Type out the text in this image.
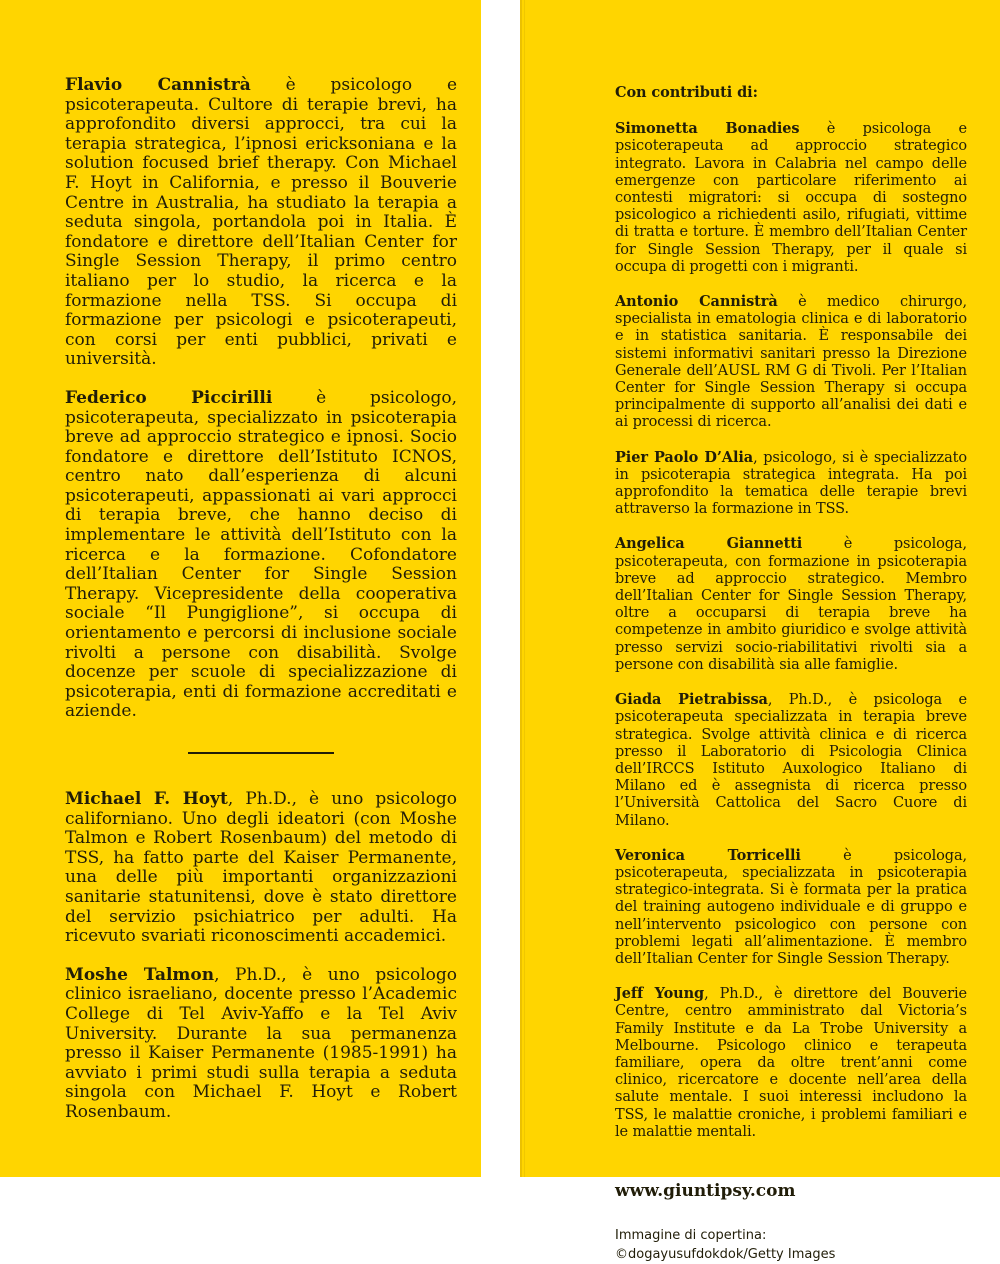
Flavio Cannistrà è psicologo e psicoterapeuta. Cultore di terapie brevi, ha approfondito diversi approcci, tra cui la terapia strategica, l’ipnosi ericksoniana e la solution focused brief therapy. Con Michael F. Hoyt in California, e presso il Bouverie Centre in Australia, ha studiato la terapia a seduta singola, portandola poi in Italia. È fondatore e direttore dell’Italian Center for Single Session Therapy, il primo centro italiano per lo studio, la ricerca e la formazione nella TSS. Si occupa di formazione per psicologi e psicoterapeuti, con corsi per enti pubblici, privati e università.

Federico Piccirilli è psicologo, psicoterapeuta, specializzato in psicoterapia breve ad approccio strategico e ipnosi. Socio fondatore e direttore dell’Istituto ICNOS, centro nato dall’esperienza di alcuni psicoterapeuti, appassionati ai vari approcci di terapia breve, che hanno deciso di implementare le attività dell’Istituto con la ricerca e la formazione. Cofondatore dell’Italian Center for Single Session Therapy. Vicepresidente della cooperativa sociale “Il Pungiglione”, si occupa di orientamento e percorsi di inclusione sociale rivolti a persone con disabilità. Svolge docenze per scuole di specializzazione di psicoterapia, enti di formazione accreditati e aziende.

Michael F. Hoyt, Ph.D., è uno psicologo californiano. Uno degli ideatori (con Moshe Talmon e Robert Rosenbaum) del metodo di TSS, ha fatto parte del Kaiser Permanente, una delle più importanti organizzazioni sanitarie statunitensi, dove è stato direttore del servizio psichiatrico per adulti. Ha ricevuto svariati riconoscimenti accademici.

Moshe Talmon, Ph.D., è uno psicologo clinico israeliano, docente presso l’Academic College di Tel Aviv-Yaffo e la Tel Aviv University. Durante la sua permanenza presso il Kaiser Permanente (1985-1991) ha avviato i primi studi sulla terapia a seduta singola con Michael F. Hoyt e Robert Rosenbaum.

Con contributi di:

Simonetta Bonadies è psicologa e psicoterapeuta ad approccio strategico integrato. Lavora in Calabria nel campo delle emergenze con particolare riferimento ai contesti migratori: si occupa di sostegno psicologico a richiedenti asilo, rifugiati, vittime di tratta e torture. È membro dell’Italian Center for Single Session Therapy, per il quale si occupa di progetti con i migranti.

Antonio Cannistrà è medico chirurgo, specialista in ematologia clinica e di laboratorio e in statistica sanitaria. È responsabile dei sistemi informativi sanitari presso la Direzione Generale dell’AUSL RM G di Tivoli. Per l’Italian Center for Single Session Therapy si occupa principalmente di supporto all’analisi dei dati e ai processi di ricerca.

Pier Paolo D’Alia, psicologo, si è specializzato in psicoterapia strategica integrata. Ha poi approfondito la tematica delle terapie brevi attraverso la formazione in TSS.

Angelica Giannetti è psicologa, psicoterapeuta, con formazione in psicoterapia breve ad approccio strategico. Membro dell’Italian Center for Single Session Therapy, oltre a occuparsi di terapia breve ha competenze in ambito giuridico e svolge attività presso servizi socio-riabilitativi rivolti sia a persone con disabilità sia alle famiglie.

Giada Pietrabissa, Ph.D., è psicologa e psicoterapeuta specializzata in terapia breve strategica. Svolge attività clinica e di ricerca presso il Laboratorio di Psicologia Clinica dell’IRCCS Istituto Auxologico Italiano di Milano ed è assegnista di ricerca presso l’Università Cattolica del Sacro Cuore di Milano.

Veronica Torricelli è psicologa, psicoterapeuta, specializzata in psicoterapia strategico-integrata. Si è formata per la pratica del training autogeno individuale e di gruppo e nell’intervento psicologico con persone con problemi legati all’alimentazione. È membro dell’Italian Center for Single Session Therapy.

Jeff Young, Ph.D., è direttore del Bouverie Centre, centro amministrato dal Victoria’s Family Institute e da La Trobe University a Melbourne. Psicologo clinico e terapeuta familiare, opera da oltre trent’anni come clinico, ricercatore e docente nell’area della salute mentale. I suoi interessi includono la TSS, le malattie croniche, i problemi familiari e le malattie mentali.

www.giuntipsy.com

Immagine di copertina:

©dogayusufdokdok/Getty Images
